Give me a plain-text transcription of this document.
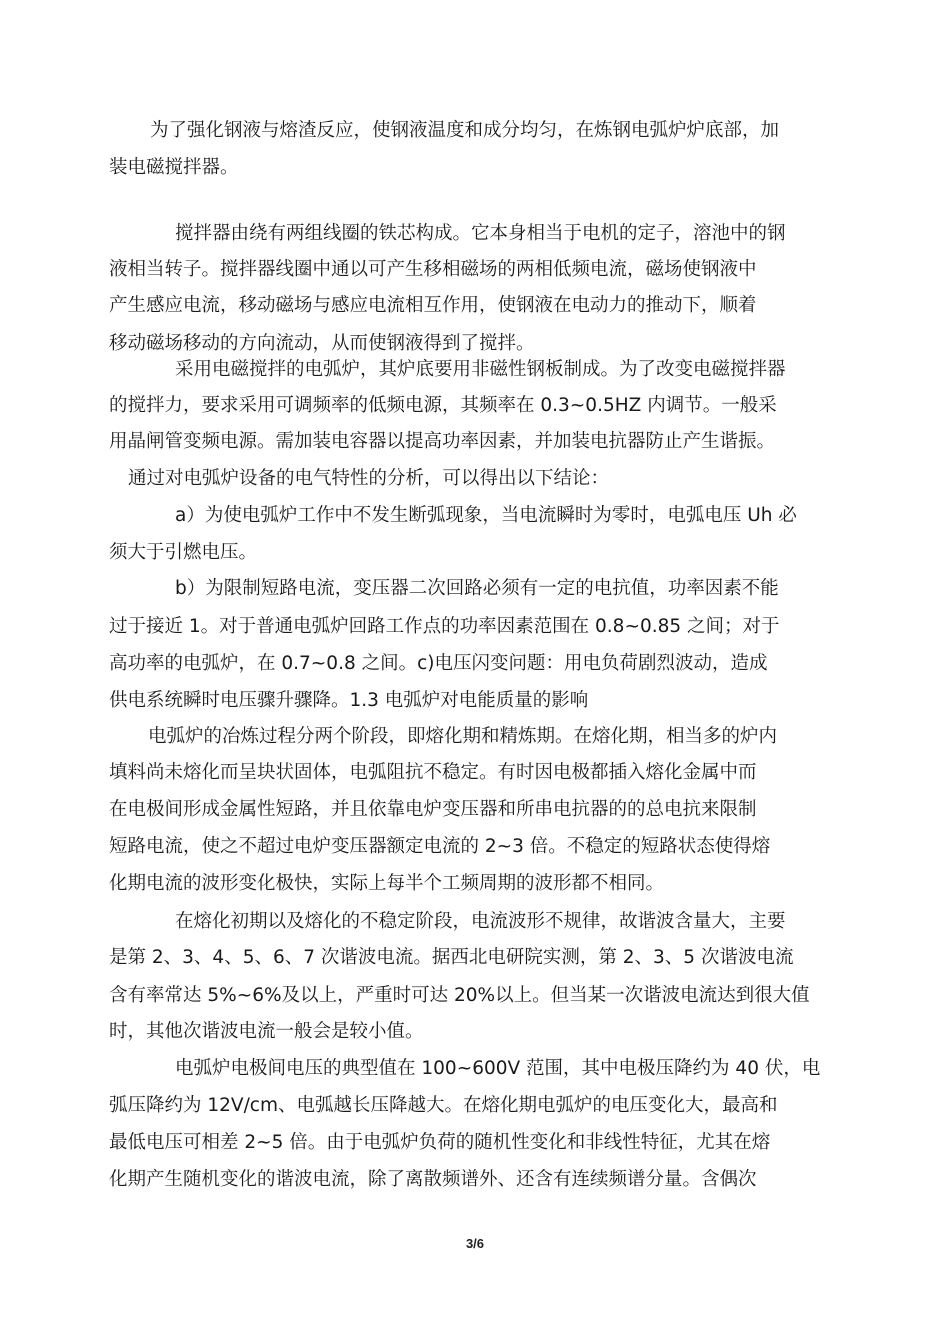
为了强化钢液与熔渣反应，使钢液温度和成分均匀，在炼钢电弧炉炉底部，加
装电磁搅拌器。
搅拌器由绕有两组线圈的铁芯构成。它本身相当于电机的定子，溶池中的钢
液相当转子。搅拌器线圈中通以可产生移相磁场的两相低频电流，磁场使钢液中
产生感应电流，移动磁场与感应电流相互作用，使钢液在电动力的推动下，顺着
移动磁场移动的方向流动，从而使钢液得到了搅拌。
采用电磁搅拌的电弧炉，其炉底要用非磁性钢板制成。为了改变电磁搅拌器
的搅拌力，要求采用可调频率的低频电源，其频率在 0.3~0.5HZ 内调节。一般采
用晶闸管变频电源。需加装电容器以提高功率因素，并加装电抗器防止产生谐振。
通过对电弧炉设备的电气特性的分析，可以得出以下结论：
a）为使电弧炉工作中不发生断弧现象，当电流瞬时为零时，电弧电压 Uh 必
须大于引燃电压。
b）为限制短路电流，变压器二次回路必须有一定的电抗值，功率因素不能
过于接近 1。对于普通电弧炉回路工作点的功率因素范围在 0.8~0.85 之间；对于
高功率的电弧炉，在 0.7~0.8 之间。c)电压闪变问题：用电负荷剧烈波动，造成
供电系统瞬时电压骤升骤降。1.3 电弧炉对电能质量的影响
电弧炉的冶炼过程分两个阶段，即熔化期和精炼期。在熔化期，相当多的炉内
填料尚未熔化而呈块状固体，电弧阻抗不稳定。有时因电极都插入熔化金属中而
在电极间形成金属性短路，并且依靠电炉变压器和所串电抗器的的总电抗来限制
短路电流，使之不超过电炉变压器额定电流的 2~3 倍。不稳定的短路状态使得熔
化期电流的波形变化极快，实际上每半个工频周期的波形都不相同。
在熔化初期以及熔化的不稳定阶段，电流波形不规律，故谐波含量大，主要
是第 2、3、4、5、6、7 次谐波电流。据西北电研院实测，第 2、3、5 次谐波电流
含有率常达 5%~6%及以上，严重时可达 20%以上。但当某一次谐波电流达到很大值
时，其他次谐波电流一般会是较小值。
电弧炉电极间电压的典型值在 100~600V 范围，其中电极压降约为 40 伏，电
弧压降约为 12V/cm、电弧越长压降越大。在熔化期电弧炉的电压变化大，最高和
最低电压可相差 2~5 倍。由于电弧炉负荷的随机性变化和非线性特征，尤其在熔
化期产生随机变化的谐波电流，除了离散频谱外、还含有连续频谱分量。含偶次
3/6
